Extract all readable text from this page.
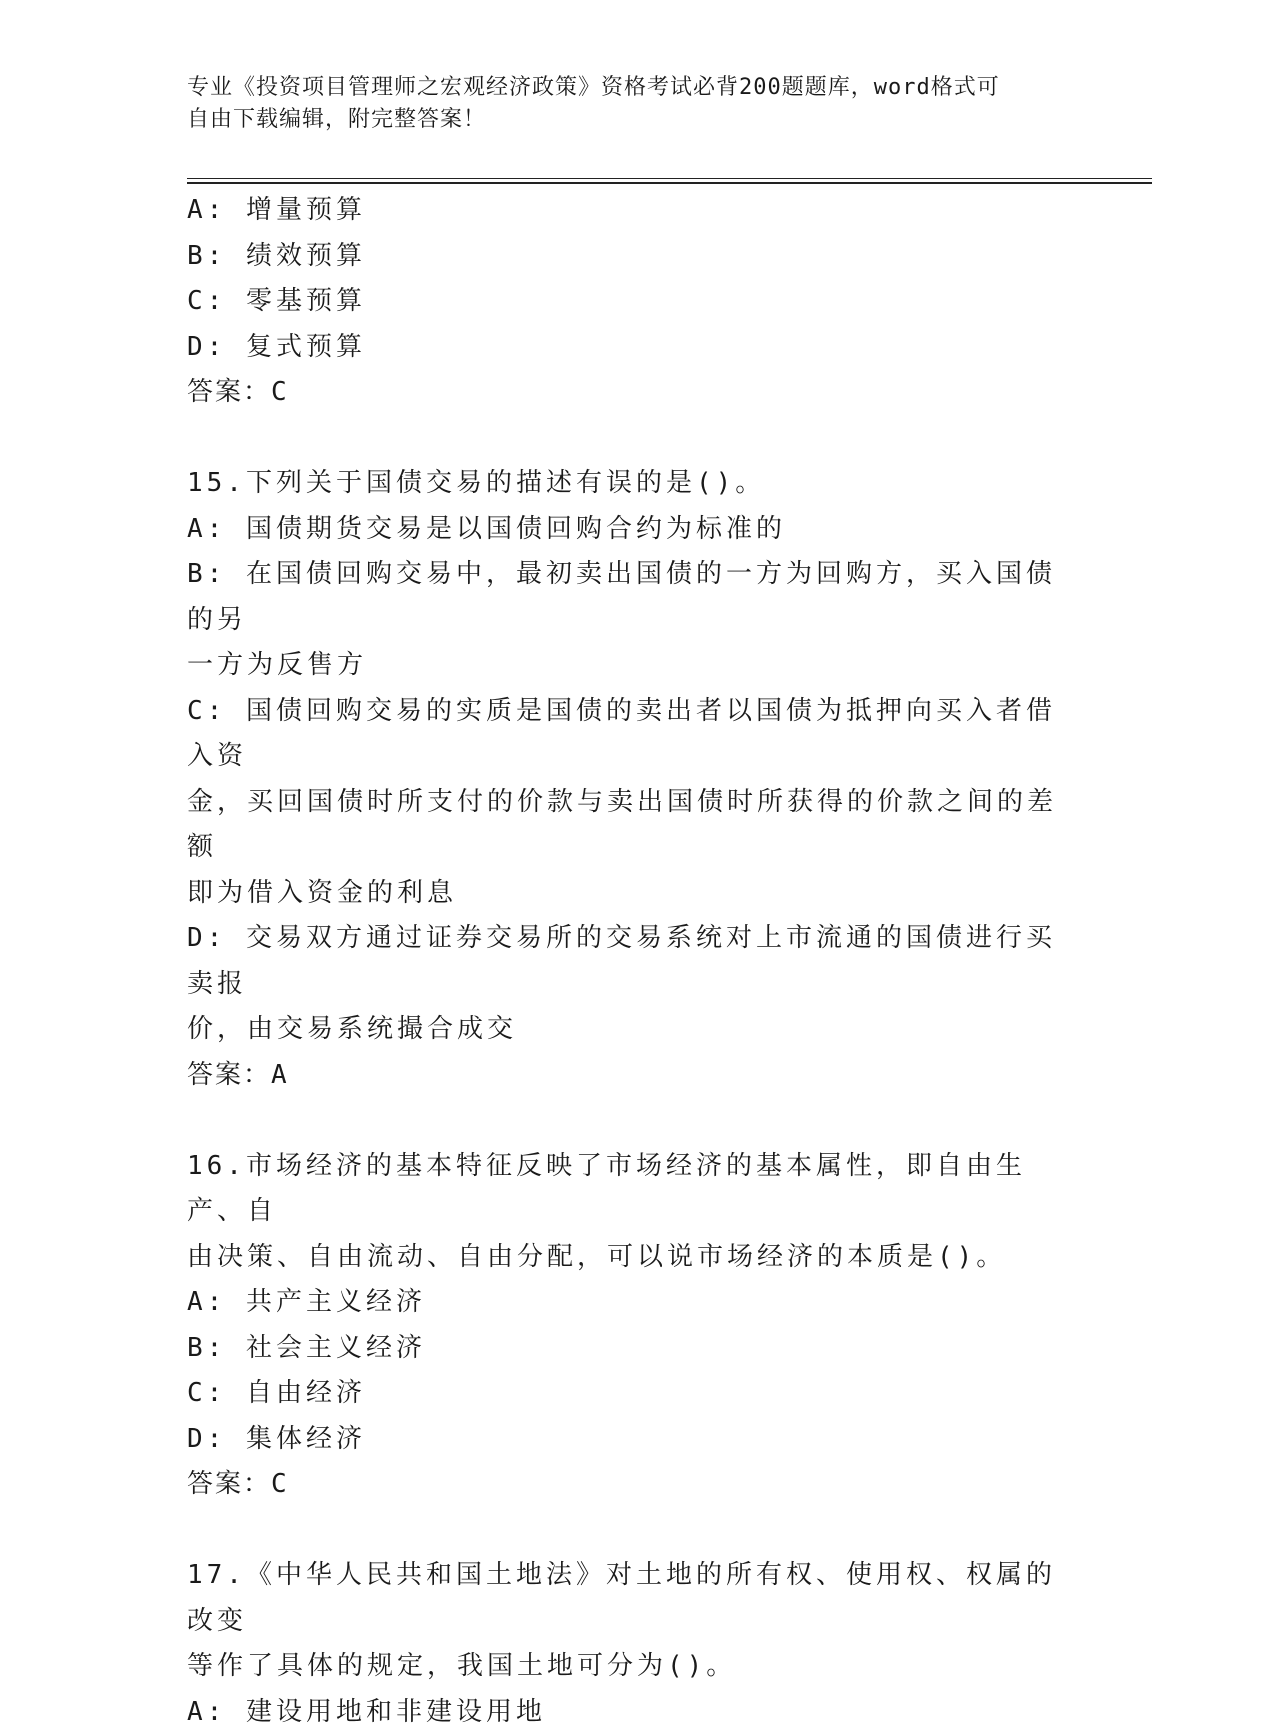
专业《投资项目管理师之宏观经济政策》资格考试必背200题题库，word格式可
自由下载编辑，附完整答案！
A: 增量预算
B: 绩效预算
C: 零基预算
D: 复式预算
答案：C
15.下列关于国债交易的描述有误的是()。
A: 国债期货交易是以国债回购合约为标准的
B: 在国债回购交易中，最初卖出国债的一方为回购方，买入国债的另
一方为反售方
C: 国债回购交易的实质是国债的卖出者以国债为抵押向买入者借入资
金，买回国债时所支付的价款与卖出国债时所获得的价款之间的差额
即为借入资金的利息
D: 交易双方通过证券交易所的交易系统对上市流通的国债进行买卖报
价，由交易系统撮合成交
答案：A
16.市场经济的基本特征反映了市场经济的基本属性，即自由生产、自
由决策、自由流动、自由分配，可以说市场经济的本质是()。
A: 共产主义经济
B: 社会主义经济
C: 自由经济
D: 集体经济
答案：C
17.《中华人民共和国土地法》对土地的所有权、使用权、权属的改变
等作了具体的规定，我国土地可分为()。
A: 建设用地和非建设用地
